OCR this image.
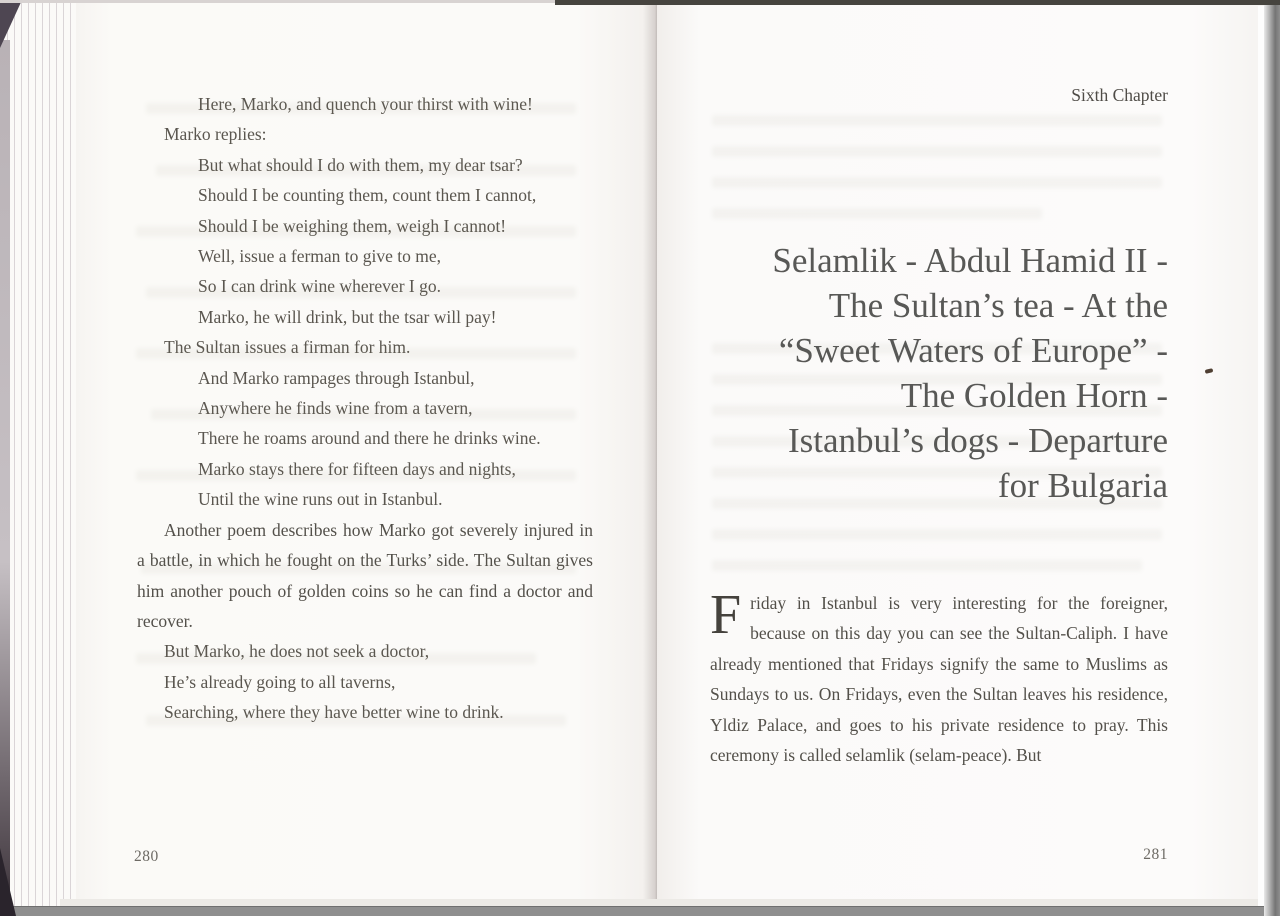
Here, Marko, and quench your thirst with wine!
Marko replies:
But what should I do with them, my dear tsar?
Should I be counting them, count them I cannot,
Should I be weighing them, weigh I cannot!
Well, issue a ferman to give to me,
So I can drink wine wherever I go.
Marko, he will drink, but the tsar will pay!
The Sultan issues a firman for him.
And Marko rampages through Istanbul,
Anywhere he finds wine from a tavern,
There he roams around and there he drinks wine.
Marko stays there for fifteen days and nights,
Until the wine runs out in Istanbul.

Another poem describes how Marko got severely injured in a battle, in which he fought on the Turks’ side. The Sultan gives him another pouch of golden coins so he can find a doctor and recover.

But Marko, he does not seek a doctor,
He’s already going to all taverns,
Searching, where they have better wine to drink.
280
Sixth Chapter
Selamlik - Abdul Hamid II -
The Sultan’s tea - At the
“Sweet Waters of Europe” -
The Golden Horn -
Istanbul’s dogs - Departure
for Bulgaria

Friday in Istanbul is very interesting for the foreigner, because on this day you can see the Sultan-Caliph. I have already mentioned that Fridays signify the same to Muslims as Sundays to us. On Fridays, even the Sultan leaves his residence, Yldiz Palace, and goes to his private residence to pray. This ceremony is called selamlik (selam-peace). But

281
